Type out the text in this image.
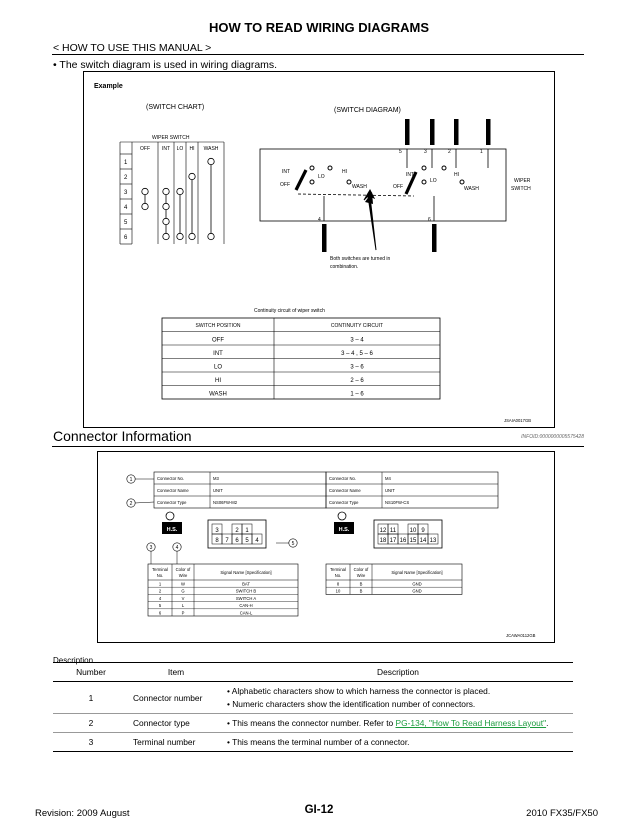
HOW TO READ WIRING DIAGRAMS
< HOW TO USE THIS MANUAL >
• The switch diagram is used in wiring diagrams.
Example
(SWITCH CHART)	(SWITCH DIAGRAM)
WIPER SWITCH
OFF INT LO HI WASH
1
2
3
4
5
6
5	3	2	1
4	6
INT
LO
HI
OFF	WASH
INT
LO
HI
OFF	WASH
WIPER
SWITCH
Both switches are turned in
combination.
Continuity circuit of wiper switch
SWITCH POSITION	CONTINUITY CIRCUIT
OFF	3 – 4
INT	3 – 4 , 5 – 6
LO	3 – 6
HI	2 – 6
WASH	1 – 6
JSAIA0017GB
Connector Information	INFOID:0000000005575428
Connector No.	M3
Connector Name	UNIT
Connector Type	NS06FW-M2
H.S.	3	2 1
8 7 6 5 4
Terminal
No.
Color of
Wire
Signal Name [Specification]
1	W	BAT
2	G	SWITCH B
4	V	SWITCH A
5	L	CAN-H
6	P	CAN-L
Connector No.	M4
Connector Name	UNIT
Connector Type	NS10FW-CS
H.S.	12 11 10 9
18 17 16 15 14 13
Terminal
No.
Color of
Wire
Signal Name [Specification]
8	B	GND
10	B	GND
1
2
3	4
5
JCAWA0112GB
Description
Number	Item	Description
1	Connector number	• Alphabetic characters show to which harness the connector is placed.
• Numeric characters show the identification number of connectors.

2	Connector type	• This means the connector number. Refer to PG-134, "How To Read Harness Layout".
3	Terminal number	• This means the terminal number of a connector.
Revision: 2009 August	GI-12	2010 FX35/FX50
